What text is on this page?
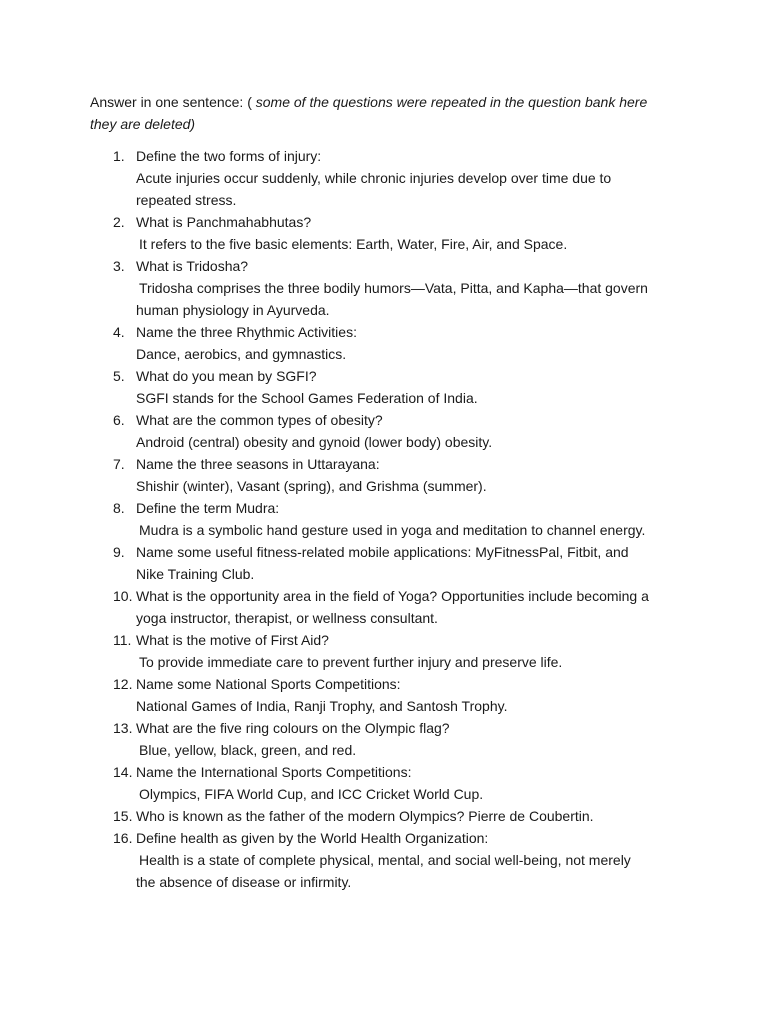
Answer in one sentence: ( some of the questions were repeated in the question bank here
they are deleted)
1. Define the two forms of injury:
Acute injuries occur suddenly, while chronic injuries develop over time due to
repeated stress.
2. What is Panchmahabhutas?
It refers to the five basic elements: Earth, Water, Fire, Air, and Space.
3. What is Tridosha?
Tridosha comprises the three bodily humors—Vata, Pitta, and Kapha—that govern
human physiology in Ayurveda.
4. Name the three Rhythmic Activities:
Dance, aerobics, and gymnastics.
5. What do you mean by SGFI?
SGFI stands for the School Games Federation of India.
6. What are the common types of obesity?
Android (central) obesity and gynoid (lower body) obesity.
7. Name the three seasons in Uttarayana:
Shishir (winter), Vasant (spring), and Grishma (summer).
8. Define the term Mudra:
Mudra is a symbolic hand gesture used in yoga and meditation to channel energy.
9. Name some useful fitness-related mobile applications: MyFitnessPal, Fitbit, and
Nike Training Club.
10. What is the opportunity area in the field of Yoga? Opportunities include becoming a
yoga instructor, therapist, or wellness consultant.
11. What is the motive of First Aid?
To provide immediate care to prevent further injury and preserve life.
12. Name some National Sports Competitions:
National Games of India, Ranji Trophy, and Santosh Trophy.
13. What are the five ring colours on the Olympic flag?
Blue, yellow, black, green, and red.
14. Name the International Sports Competitions:
Olympics, FIFA World Cup, and ICC Cricket World Cup.
15. Who is known as the father of the modern Olympics? Pierre de Coubertin.
16. Define health as given by the World Health Organization:
Health is a state of complete physical, mental, and social well-being, not merely
the absence of disease or infirmity.
